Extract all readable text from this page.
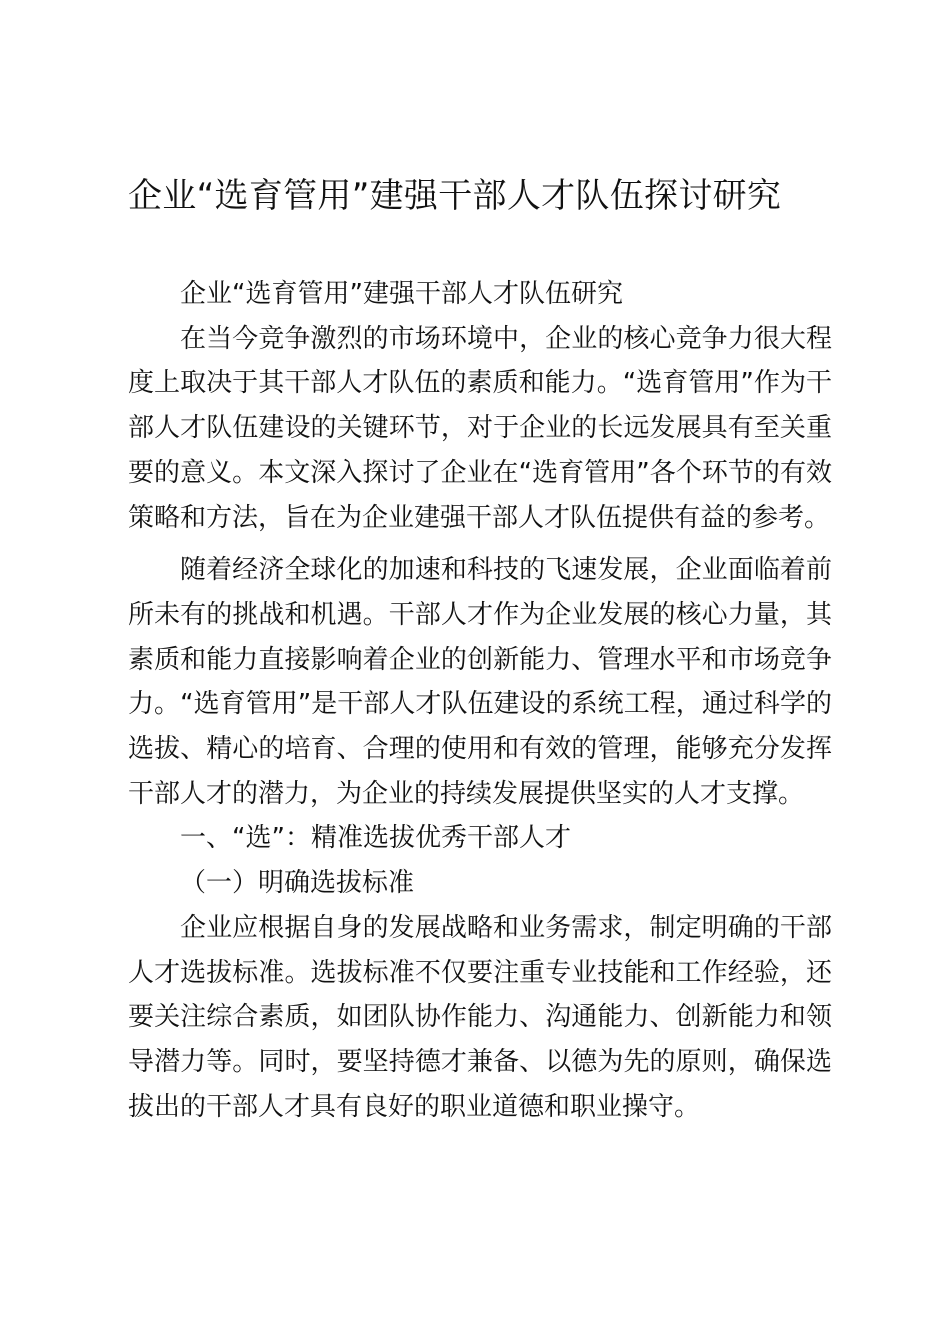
企业“选育管用”建强干部人才队伍探讨研究

企业“选育管用”建强干部人才队伍研究

在当今竞争激烈的市场环境中，企业的核心竞争力很大程度上取决于其干部人才队伍的素质和能力。“选育管用”作为干部人才队伍建设的关键环节，对于企业的长远发展具有至关重要的意义。本文深入探讨了企业在“选育管用”各个环节的有效策略和方法，旨在为企业建强干部人才队伍提供有益的参考。

随着经济全球化的加速和科技的飞速发展，企业面临着前所未有的挑战和机遇。干部人才作为企业发展的核心力量，其素质和能力直接影响着企业的创新能力、管理水平和市场竞争力。“选育管用”是干部人才队伍建设的系统工程，通过科学的选拔、精心的培育、合理的使用和有效的管理，能够充分发挥干部人才的潜力，为企业的持续发展提供坚实的人才支撑。

一、“选”：精准选拔优秀干部人才

（一）明确选拔标准

企业应根据自身的发展战略和业务需求，制定明确的干部人才选拔标准。选拔标准不仅要注重专业技能和工作经验，还要关注综合素质，如团队协作能力、沟通能力、创新能力和领导潜力等。同时，要坚持德才兼备、以德为先的原则，确保选拔出的干部人才具有良好的职业道德和职业操守。
